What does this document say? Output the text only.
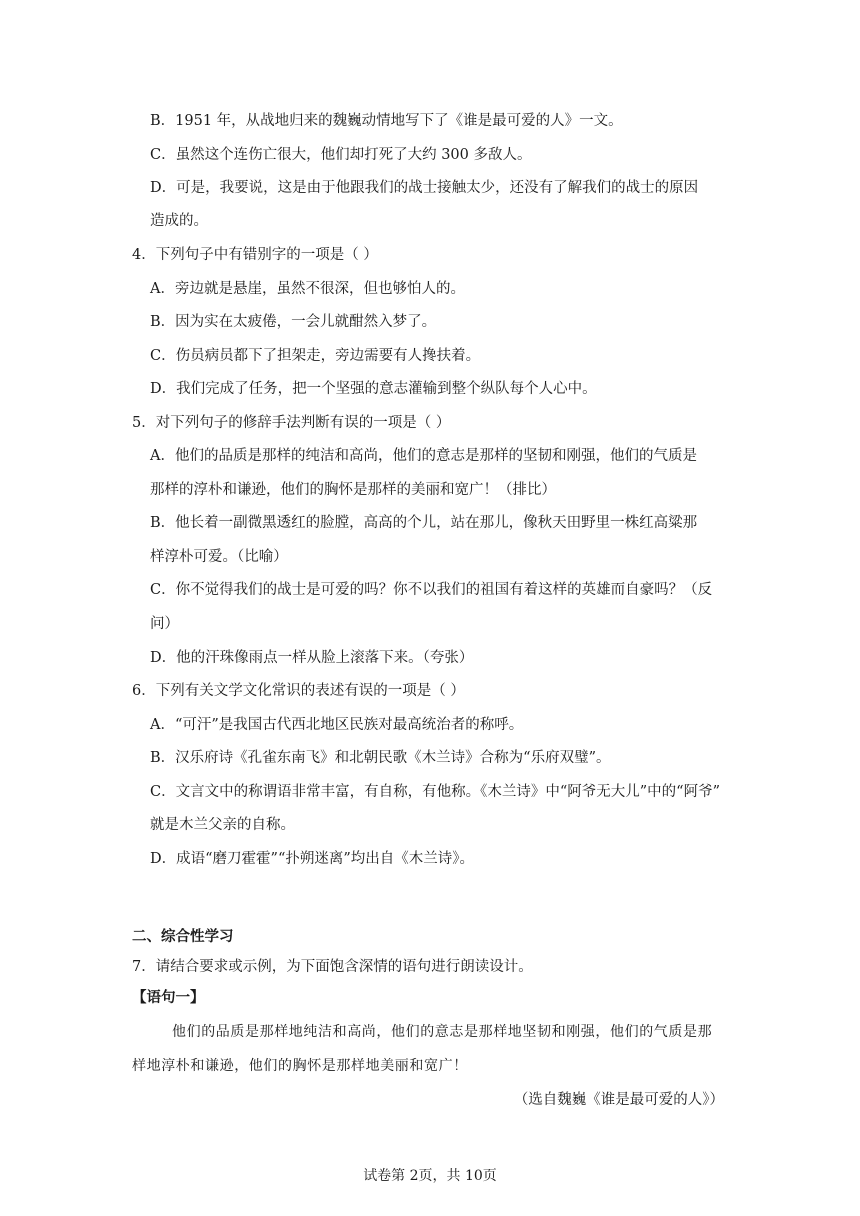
B．1951 年，从战地归来的魏巍动情地写下了《谁是最可爱的人》一文。
C．虽然这个连伤亡很大，他们却打死了大约 300 多敌人。
D．可是，我要说，这是由于他跟我们的战士接触太少，还没有了解我们的战士的原因
造成的。
4．下列句子中有错别字的一项是（ ）
A．旁边就是悬崖，虽然不很深，但也够怕人的。
B．因为实在太疲倦，一会儿就酣然入梦了。
C．伤员病员都下了担架走，旁边需要有人搀扶着。
D．我们完成了任务，把一个坚强的意志灌输到整个纵队每个人心中。
5．对下列句子的修辞手法判断有误的一项是（ ）
A．他们的品质是那样的纯洁和高尚，他们的意志是那样的坚韧和刚强，他们的气质是
那样的淳朴和谦逊，他们的胸怀是那样的美丽和宽广！（排比）
B．他长着一副微黑透红的脸膛，高高的个儿，站在那儿，像秋天田野里一株红高粱那
样淳朴可爱。（比喻）
C．你不觉得我们的战士是可爱的吗？你不以我们的祖国有着这样的英雄而自豪吗？（反
问）
D．他的汗珠像雨点一样从脸上滚落下来。（夸张）
6．下列有关文学文化常识的表述有误的一项是（ ）
A．“可汗”是我国古代西北地区民族对最高统治者的称呼。
B．汉乐府诗《孔雀东南飞》和北朝民歌《木兰诗》合称为“乐府双璧”。
C．文言文中的称谓语非常丰富，有自称，有他称。《木兰诗》中“阿爷无大儿”中的“阿爷”
就是木兰父亲的自称。
D．成语“磨刀霍霍”“扑朔迷离”均出自《木兰诗》。
二、综合性学习
7．请结合要求或示例，为下面饱含深情的语句进行朗读设计。
【语句一】
他们的品质是那样地纯洁和高尚，他们的意志是那样地坚韧和刚强，他们的气质是那
样地淳朴和谦逊，他们的胸怀是那样地美丽和宽广！
（选自魏巍《谁是最可爱的人》）
试卷第 2页，共 10页
